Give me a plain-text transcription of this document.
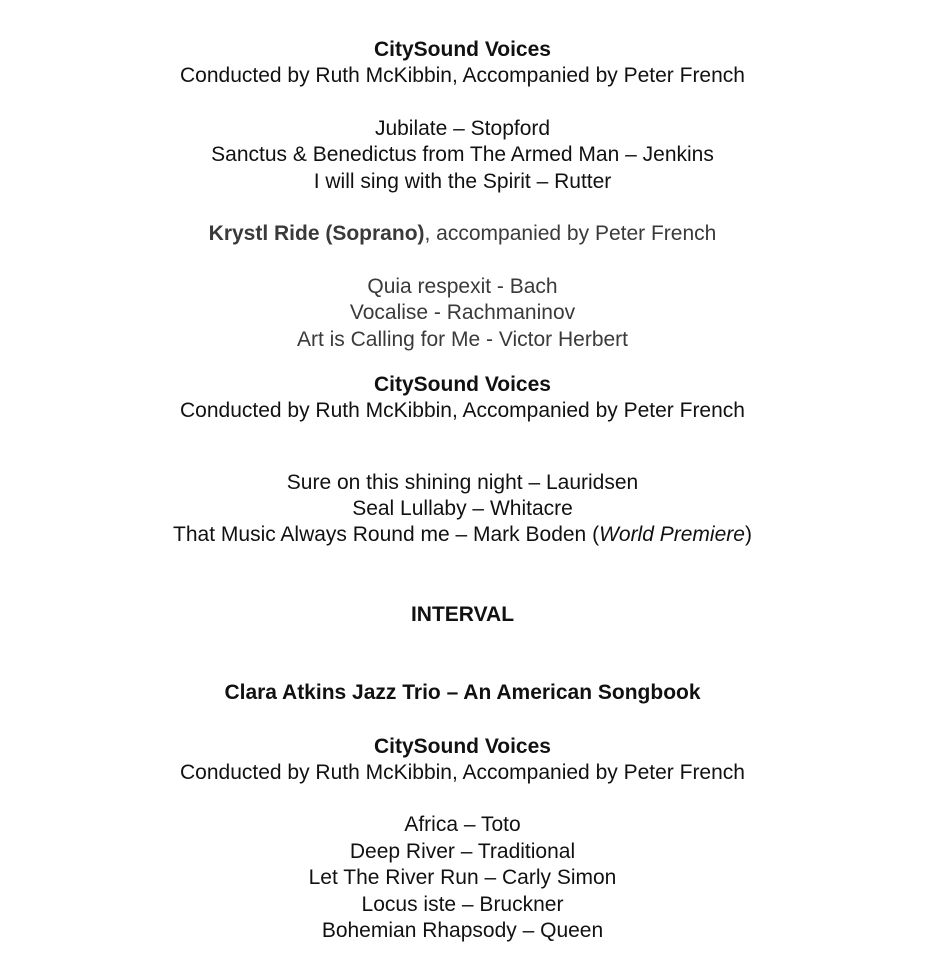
CitySound Voices
Conducted by Ruth McKibbin, Accompanied by Peter French
Jubilate – Stopford
Sanctus & Benedictus from The Armed Man – Jenkins
I will sing with the Spirit – Rutter
Krystl Ride (Soprano), accompanied by Peter French
Quia respexit - Bach
Vocalise - Rachmaninov
Art is Calling for Me - Victor Herbert
CitySound Voices
Conducted by Ruth McKibbin, Accompanied by Peter French
Sure on this shining night – Lauridsen
Seal Lullaby – Whitacre
That Music Always Round me – Mark Boden (World Premiere)
INTERVAL
Clara Atkins Jazz Trio – An American Songbook
CitySound Voices
Conducted by Ruth McKibbin, Accompanied by Peter French
Africa – Toto
Deep River – Traditional
Let The River Run – Carly Simon
Locus iste – Bruckner
Bohemian Rhapsody – Queen
